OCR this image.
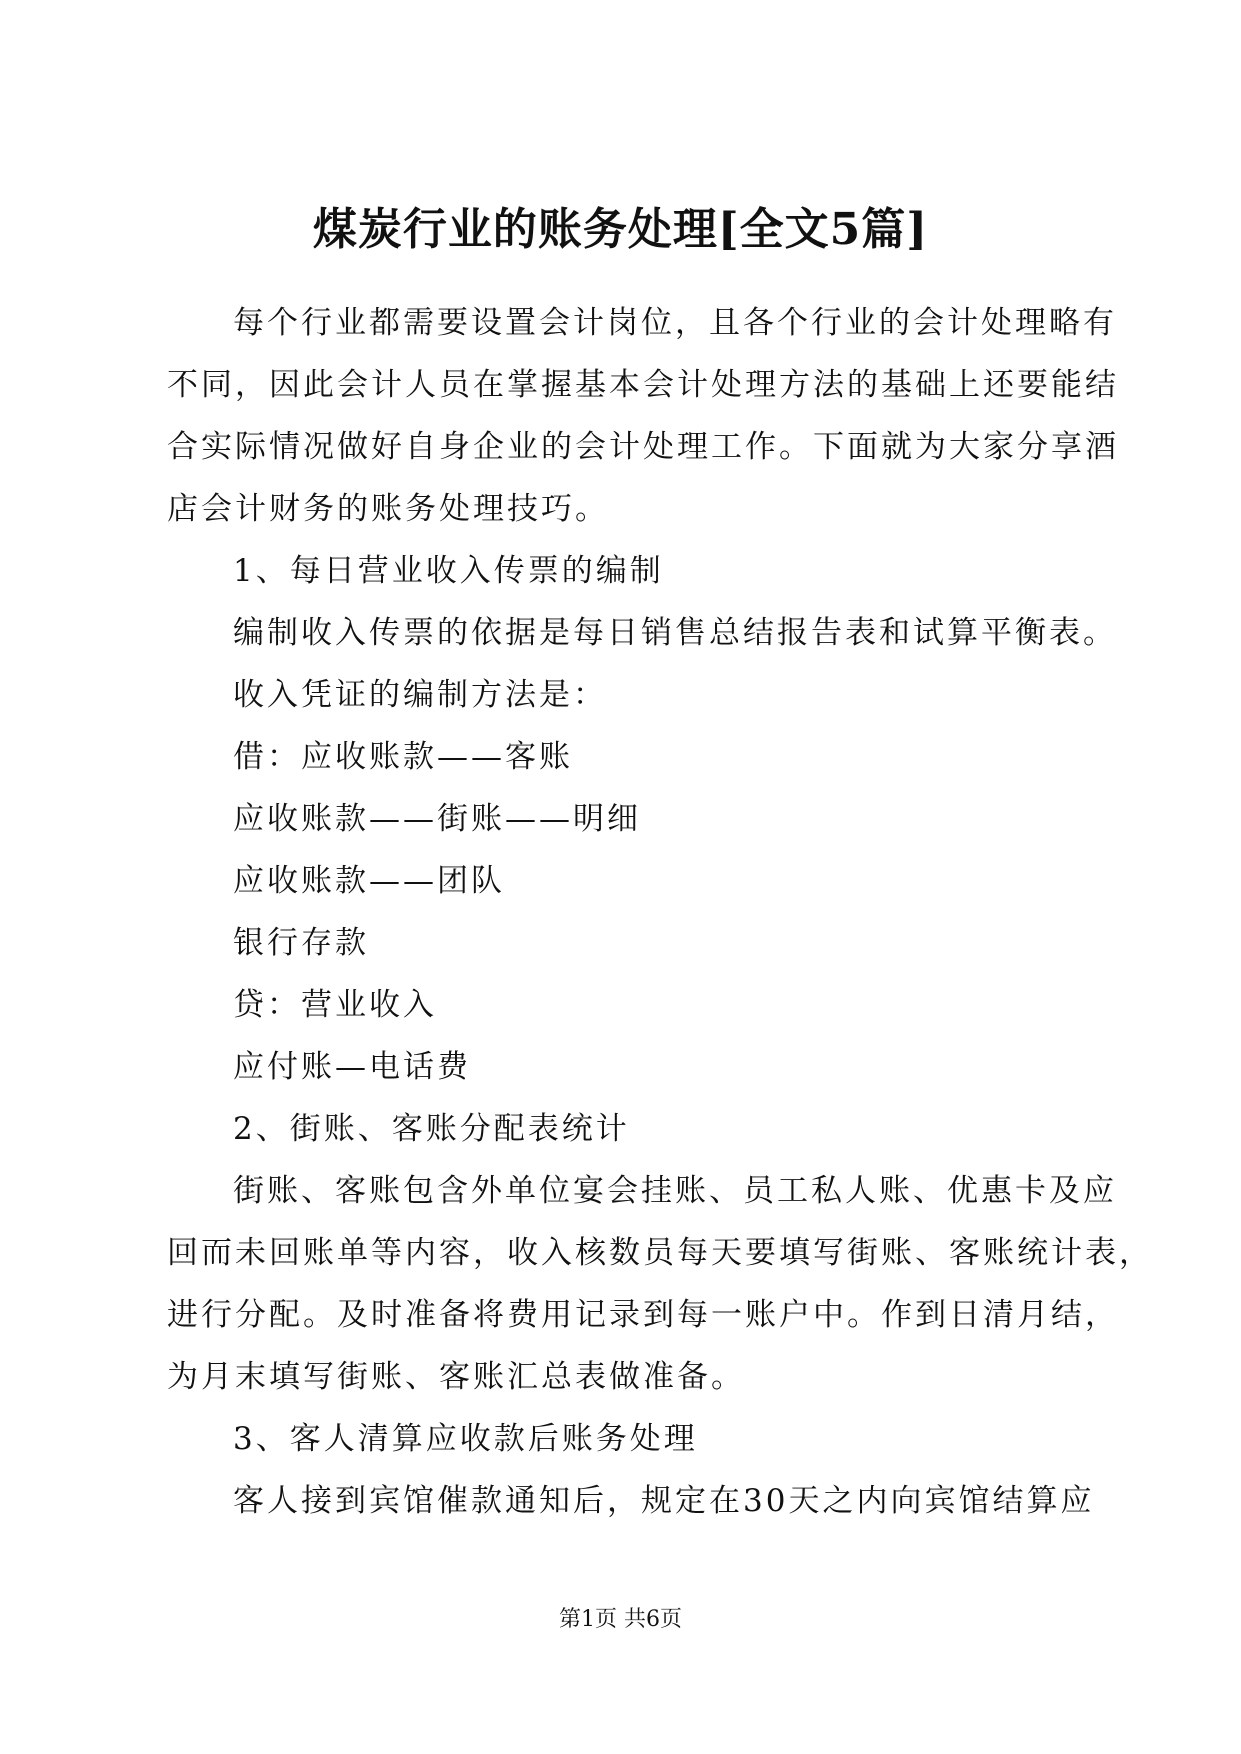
煤炭行业的账务处理[全文5篇]
每个行业都需要设置会计岗位，且各个行业的会计处理略有
不同，因此会计人员在掌握基本会计处理方法的基础上还要能结
合实际情况做好自身企业的会计处理工作。下面就为大家分享酒
店会计财务的账务处理技巧。
1、每日营业收入传票的编制
编制收入传票的依据是每日销售总结报告表和试算平衡表。
收入凭证的编制方法是：
借：应收账款——客账
应收账款——街账——明细
应收账款——团队
银行存款
贷：营业收入
应付账—电话费
2、街账、客账分配表统计
街账、客账包含外单位宴会挂账、员工私人账、优惠卡及应
回而未回账单等内容，收入核数员每天要填写街账、客账统计表，
进行分配。及时准备将费用记录到每一账户中。作到日清月结，
为月末填写街账、客账汇总表做准备。
3、客人清算应收款后账务处理
客人接到宾馆催款通知后，规定在30天之内向宾馆结算应
第1页 共6页
